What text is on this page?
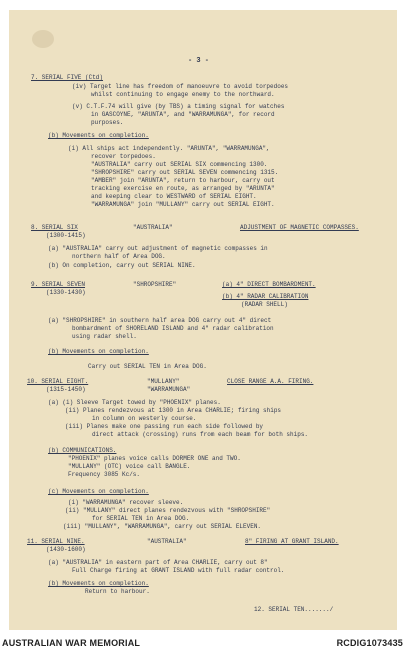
- 3 -
7. SERIAL FIVE (Ctd)
(iv) Target line has freedom of manoeuvre to avoid torpedoes
whilst continuing to engage enemy to the northward.
(v) C.T.F.74 will give (by TBS) a timing signal for watches
in GASCOYNE, "ARUNTA", and "WARRAMUNGA", for record
purposes.
(b) Movements on completion.
(i) All ships act independently. "ARUNTA", "WARRAMUNGA",
recover torpedoes.
"AUSTRALIA" carry out SERIAL SIX commencing 1300.
"SHROPSHIRE" carry out SERIAL SEVEN commencing 1315.
"AMBER" join "ARUNTA", return to harbour, carry out
tracking exercise en route, as arranged by "ARUNTA"
and keeping clear to WESTWARD of SERIAL EIGHT.
"WARRAMUNGA" join "MULLANY" carry out SERIAL EIGHT.
8. SERIAL SIX	"AUSTRALIA"	ADJUSTMENT OF MAGNETIC COMPASSES.
(1300-1415)
(a) "AUSTRALIA" carry out adjustment of magnetic compasses in
northern half of Area DOG.
(b) On completion, carry out SERIAL NINE.
9. SERIAL SEVEN	"SHROPSHIRE"	(a) 4" DIRECT BOMBARDMENT.
(1330-1430)
(b) 4" RADAR CALIBRATION
(RADAR SHELL)
(a) "SHROPSHIRE" in southern half area DOG carry out 4" direct
bombardment of SHORELAND ISLAND and 4" radar calibration
using radar shell.
(b) Movements on completion.
Carry out SERIAL TEN in Area DOG.
10. SERIAL EIGHT.	"MULLANY"	CLOSE RANGE A.A. FIRING.
(1315-1450)	"WARRAMUNGA"
(a) (i) Sleeve Target towed by "PHOENIX" planes.
(ii) Planes rendezvous at 1300 in Area CHARLIE; firing ships
in column on westerly course.
(iii) Planes make one passing run each side followed by
direct attack (crossing) runs from each beam for both ships.
(b) COMMUNICATIONS.
"PHOENIX" planes voice calls DORMER ONE and TWO.
"MULLANY" (OTC) voice call BANGLE.
Frequency 3085 Kc/s.
(c) Movements on completion.
(i) "WARRAMUNGA" recover sleeve.
(ii) "MULLANY" direct planes rendezvous with "SHROPSHIRE"
for SERIAL TEN in Area DOG.
(iii) "MULLANY", "WARRAMUNGA", carry out SERIAL ELEVEN.
11. SERIAL NINE.	"AUSTRALIA"	8" FIRING AT GRANT ISLAND.
(1430-1600)
(a) "AUSTRALIA" in eastern part of Area CHARLIE, carry out 8"
Full Charge firing at GRANT ISLAND with full radar control.
(b) Movements on completion.
Return to harbour.
12. SERIAL TEN......./
AUSTRALIAN WAR MEMORIAL	RCDIG1073435
